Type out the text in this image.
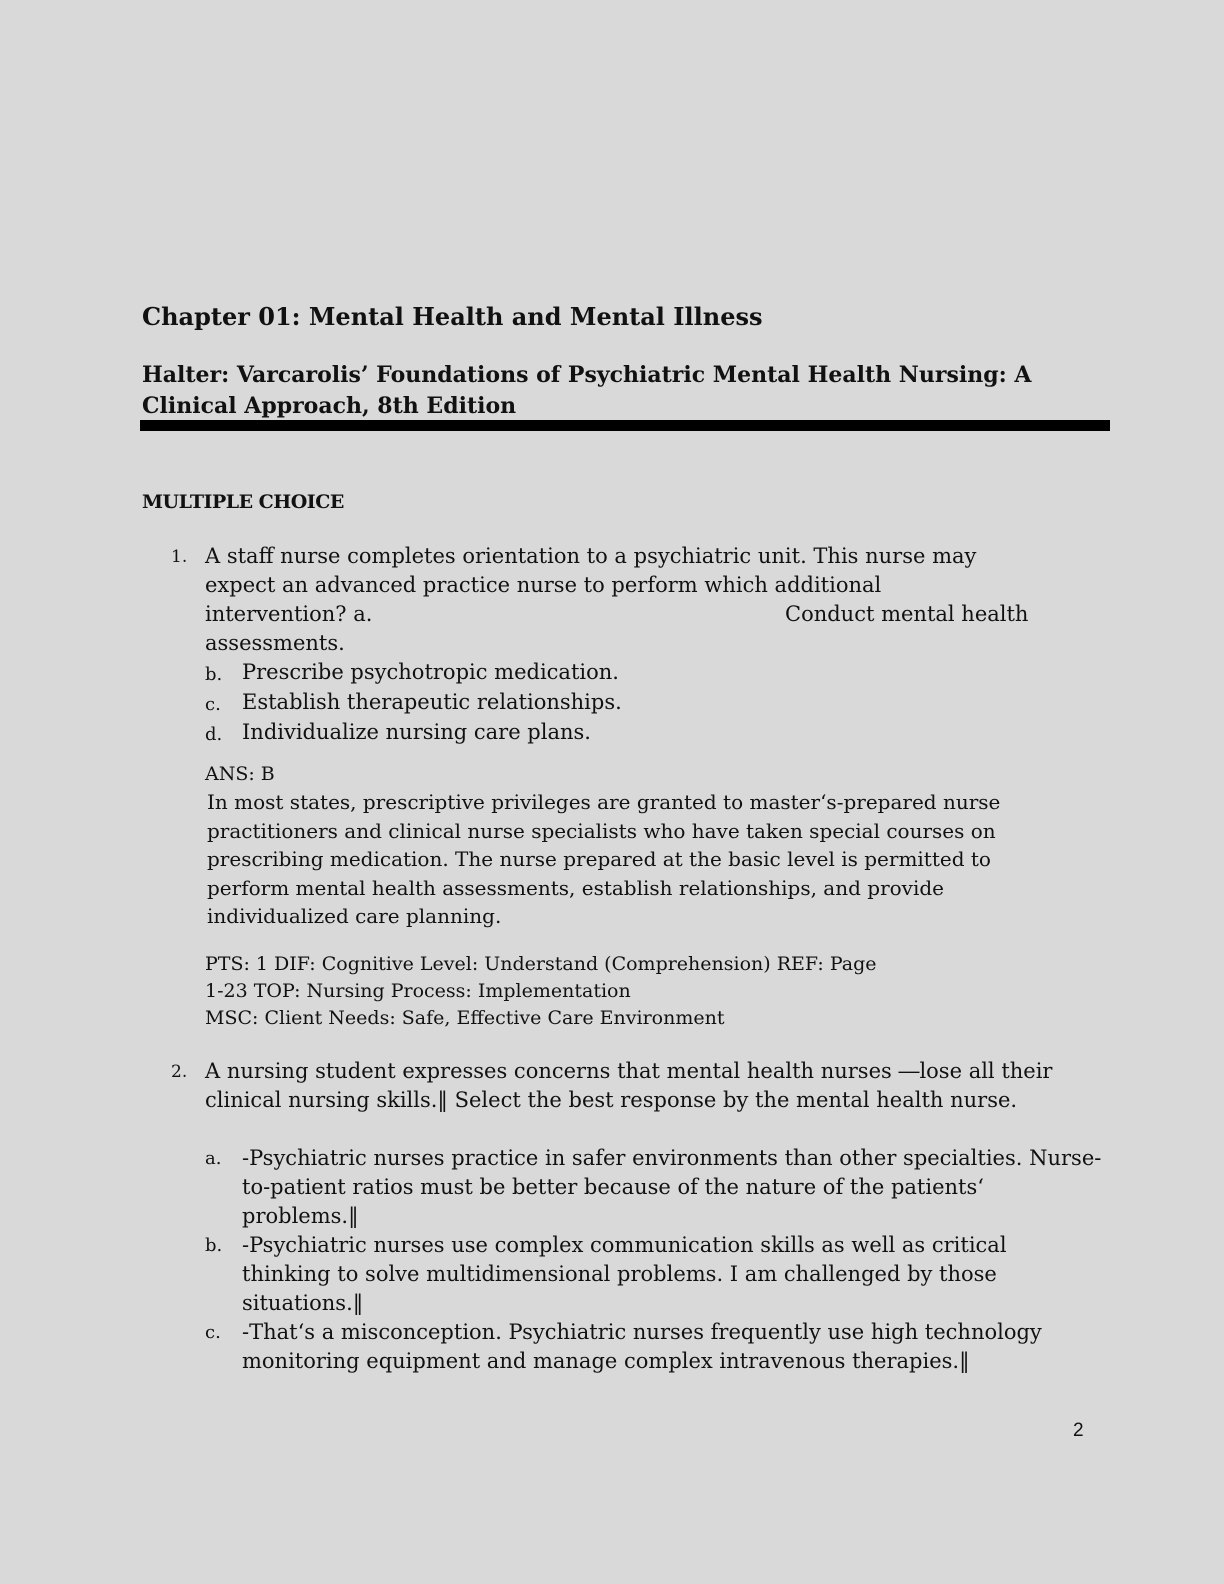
Chapter 01: Mental Health and Mental Illness
Halter: Varcarolis’ Foundations of Psychiatric Mental Health Nursing: A Clinical Approach, 8th Edition
MULTIPLE CHOICE
1. A staff nurse completes orientation to a psychiatric unit. This nurse may
expect an advanced practice nurse to perform which additional
intervention? a.	Conduct mental health
assessments.
b. Prescribe psychotropic medication.
c. Establish therapeutic relationships.
d. Individualize nursing care plans.
ANS: B
In most states, prescriptive privileges are granted to master‘s-prepared nurse practitioners and clinical nurse specialists who have taken special courses on prescribing medication. The nurse prepared at the basic level is permitted to perform mental health assessments, establish relationships, and provide individualized care planning.
PTS: 1 DIF: Cognitive Level: Understand (Comprehension) REF: Page
1-23 TOP: Nursing Process: Implementation
MSC: Client Needs: Safe, Effective Care Environment
2. A nursing student expresses concerns that mental health nurses ―lose all their clinical nursing skills.‖ Select the best response by the mental health nurse.
a. ‑Psychiatric nurses practice in safer environments than other specialties. Nurse-to-patient ratios must be better because of the nature of the patients‘ problems.‖
b. ‑Psychiatric nurses use complex communication skills as well as critical thinking to solve multidimensional problems. I am challenged by those situations.‖
c. ‑That‘s a misconception. Psychiatric nurses frequently use high technology monitoring equipment and manage complex intravenous therapies.‖
2
